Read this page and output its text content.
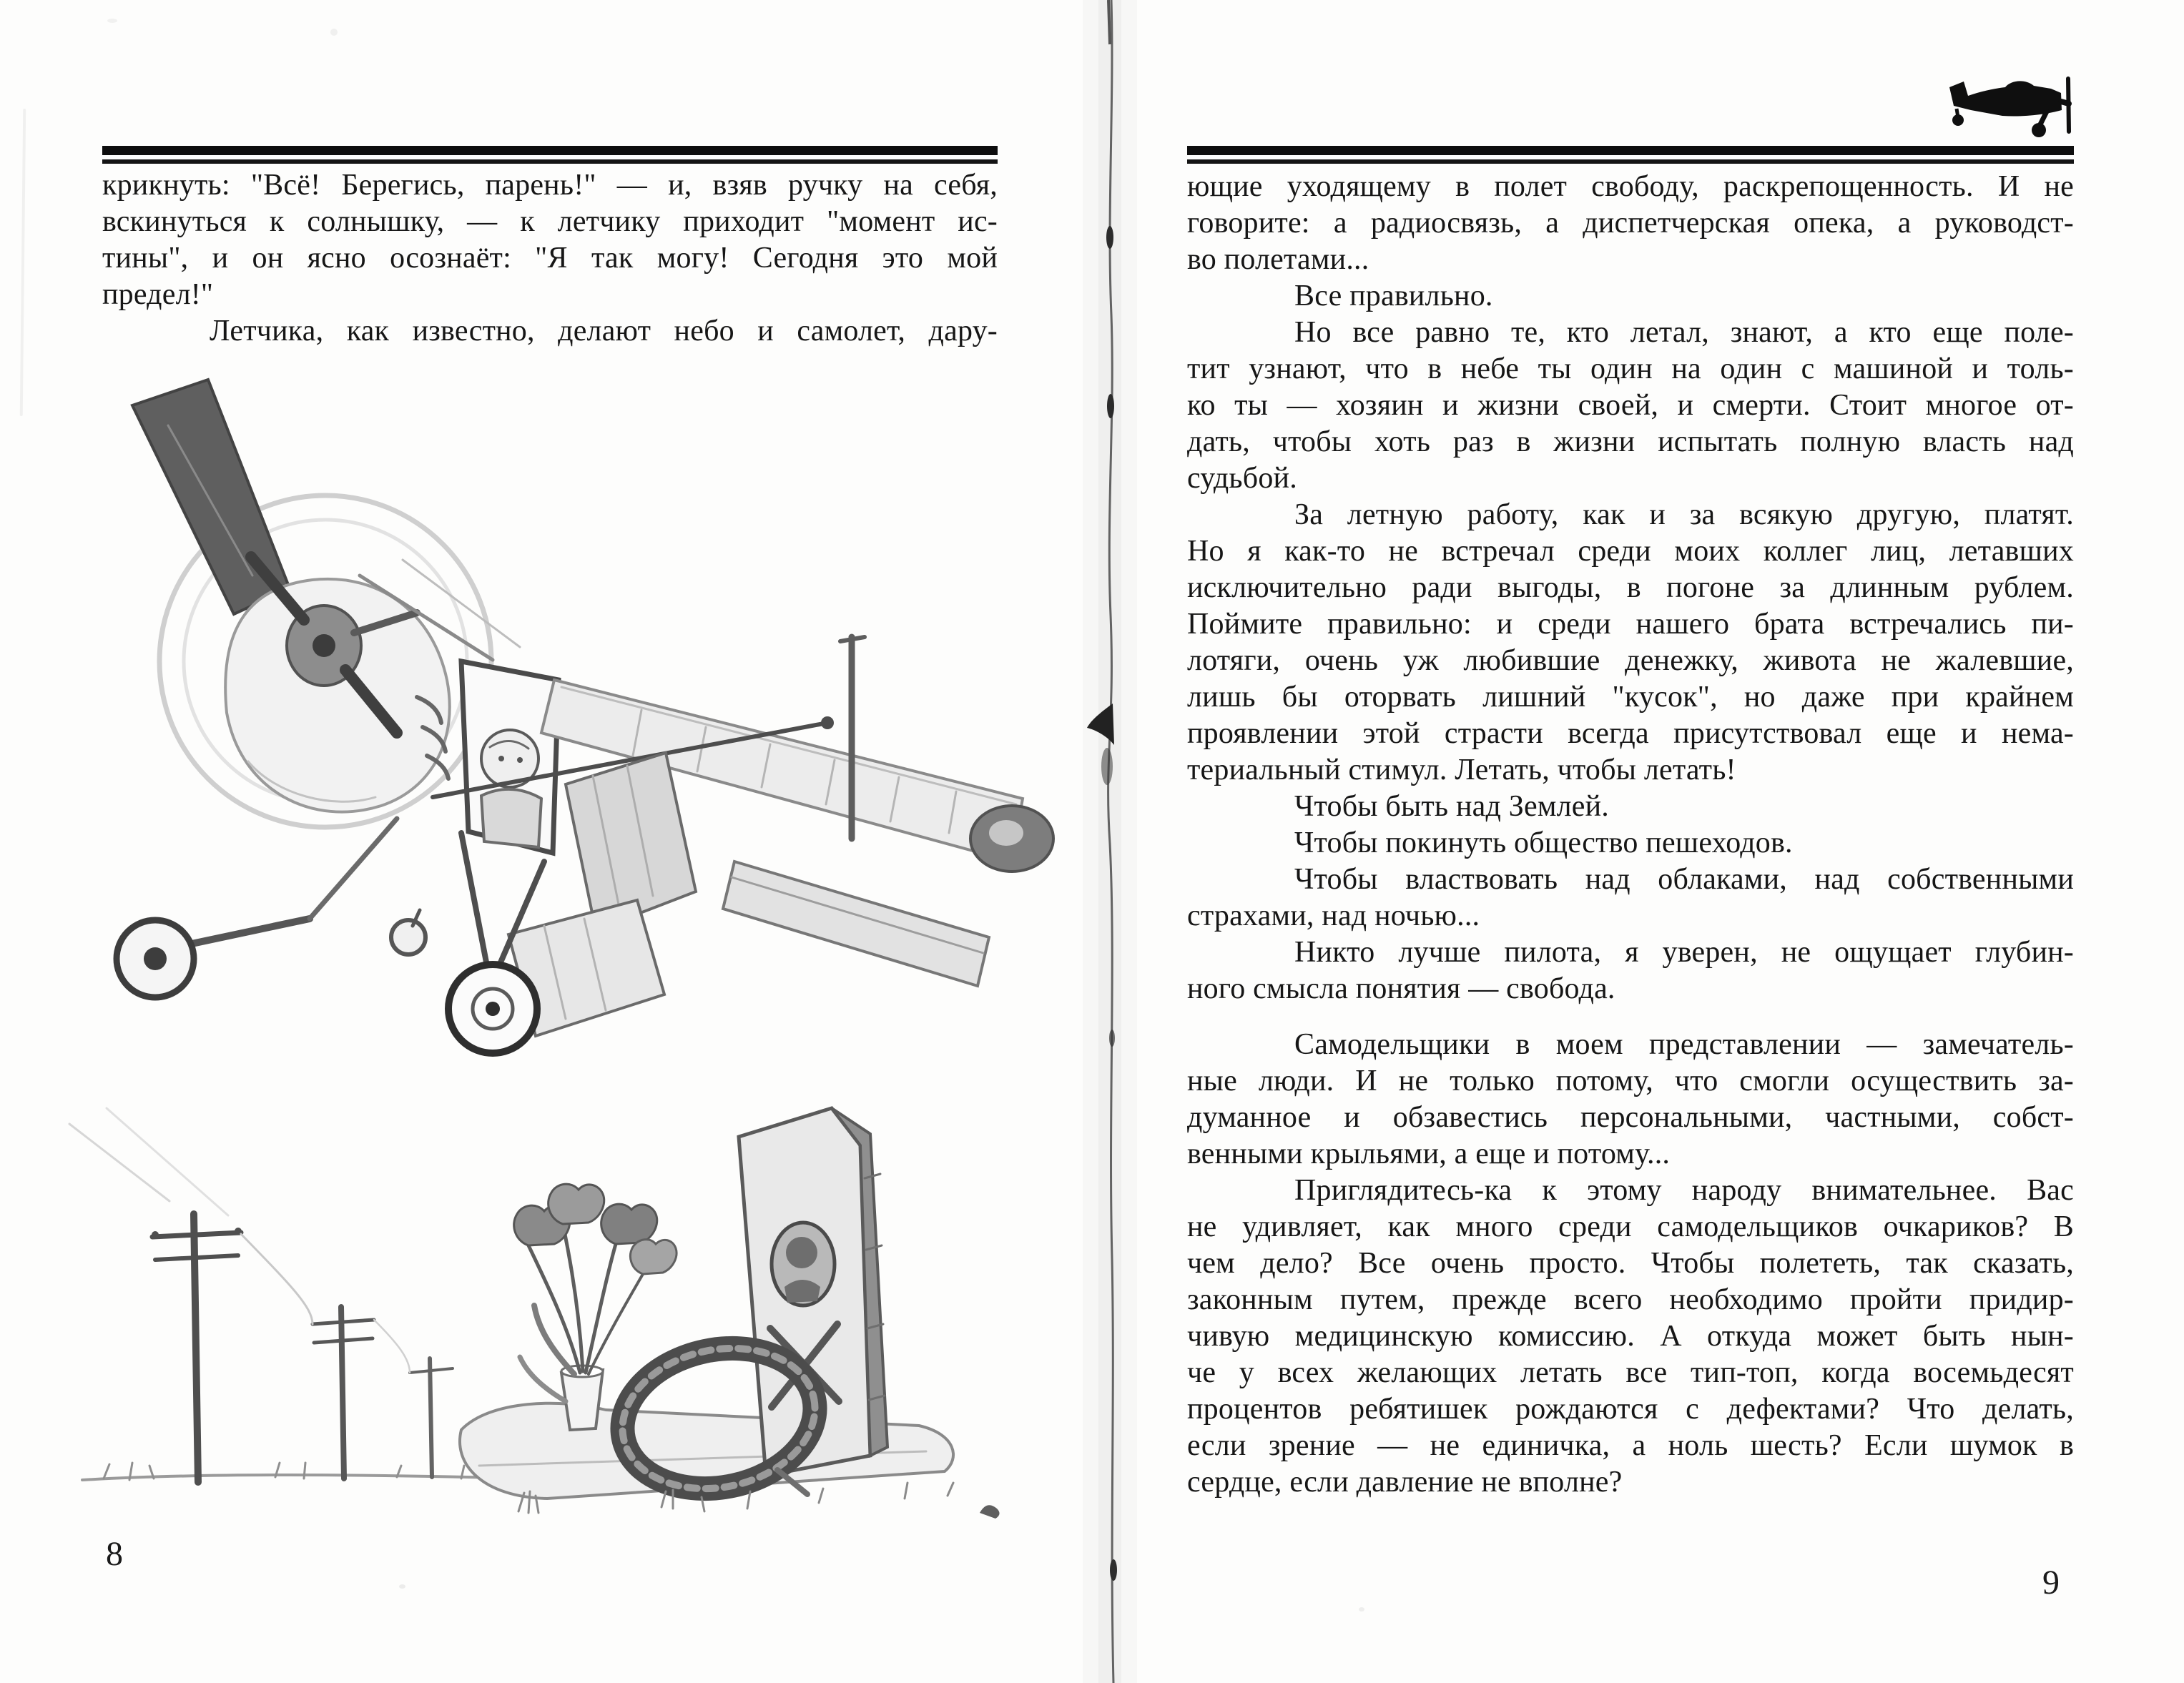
крикнуть: "Всё! Берегись, парень!" — и, взяв ручку на себя,
вскинуться к солнышку, — к летчику приходит "момент ис-
тины", и он ясно осознаёт: "Я так могу! Сегодня это мой
предел!"
Летчика, как известно, делают небо и самолет, дару-
8
ющие уходящему в полет свободу, раскрепощенность. И не
говорите: а радиосвязь, а диспетчерская опека, а руководст-
во полетами...
Все правильно.
Но все равно те, кто летал, знают, а кто еще поле-
тит узнают, что в небе ты один на один с машиной и толь-
ко ты — хозяин и жизни своей, и смерти. Стоит многое от-
дать, чтобы хоть раз в жизни испытать полную власть над
судьбой.
За летную работу, как и за всякую другую, платят.
Но я как-то не встречал среди моих коллег лиц, летавших
исключительно ради выгоды, в погоне за длинным рублем.
Поймите правильно: и среди нашего брата встречались пи-
лотяги, очень уж любившие денежку, живота не жалевшие,
лишь бы оторвать лишний "кусок", но даже при крайнем
проявлении этой страсти всегда присутствовал еще и нема-
териальный стимул. Летать, чтобы летать!
Чтобы быть над Землей.
Чтобы покинуть общество пешеходов.
Чтобы властвовать над облаками, над собственными
страхами, над ночью...
Никто лучше пилота, я уверен, не ощущает глубин-
ного смысла понятия — свобода.
Самодельщики в моем представлении — замечатель-
ные люди. И не только потому, что смогли осуществить за-
думанное и обзавестись персональными, частными, собст-
венными крыльями, а еще и потому...
Приглядитесь-ка к этому народу внимательнее. Вас
не удивляет, как много среди самодельщиков очкариков? В
чем дело? Все очень просто. Чтобы полететь, так сказать,
законным путем, прежде всего необходимо пройти придир-
чивую медицинскую комиссию. А откуда может быть нын-
че у всех желающих летать все тип-топ, когда восемьдесят
процентов ребятишек рождаются с дефектами? Что делать,
если зрение — не единичка, а ноль шесть? Если шумок в
сердце, если давление не вполне?
9
